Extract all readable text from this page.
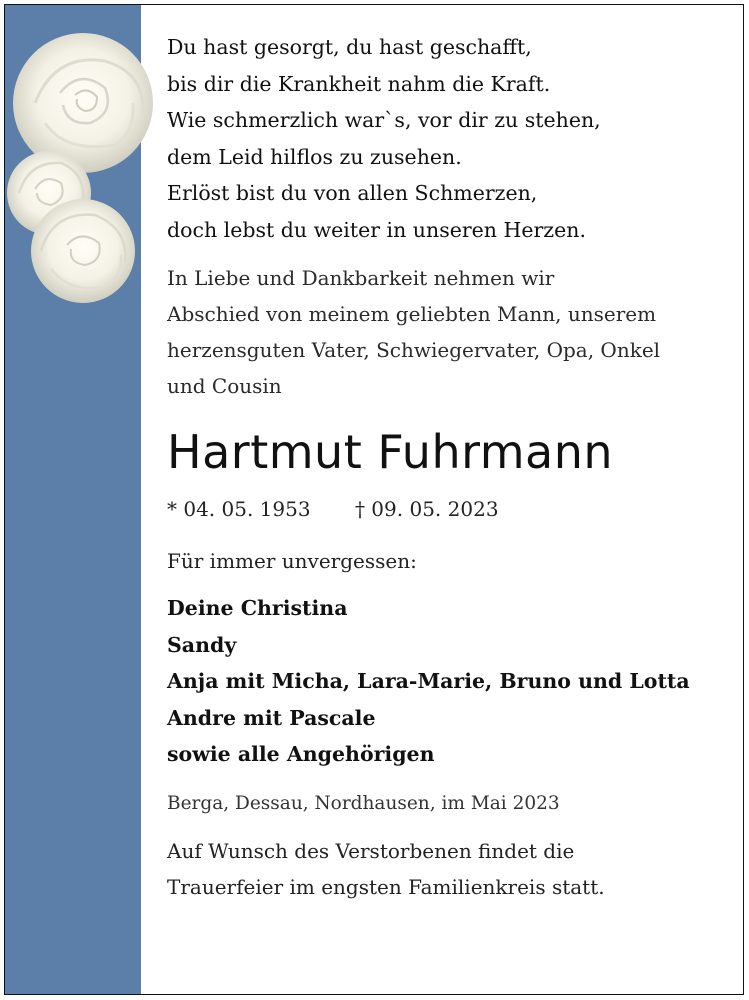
Du hast gesorgt, du hast geschafft,
bis dir die Krankheit nahm die Kraft.
Wie schmerzlich war`s, vor dir zu stehen,
dem Leid hilflos zu zusehen.
Erlöst bist du von allen Schmerzen,
doch lebst du weiter in unseren Herzen.
In Liebe und Dankbarkeit nehmen wir
Abschied von meinem geliebten Mann, unserem
herzensguten Vater, Schwiegervater, Opa, Onkel
und Cousin
Hartmut Fuhrmann
* 04. 05. 1953 † 09. 05. 2023
Für immer unvergessen:
Deine Christina
Sandy
Anja mit Micha, Lara-Marie, Bruno und Lotta
Andre mit Pascale
sowie alle Angehörigen
Berga, Dessau, Nordhausen, im Mai 2023
Auf Wunsch des Verstorbenen findet die
Trauerfeier im engsten Familienkreis statt.
